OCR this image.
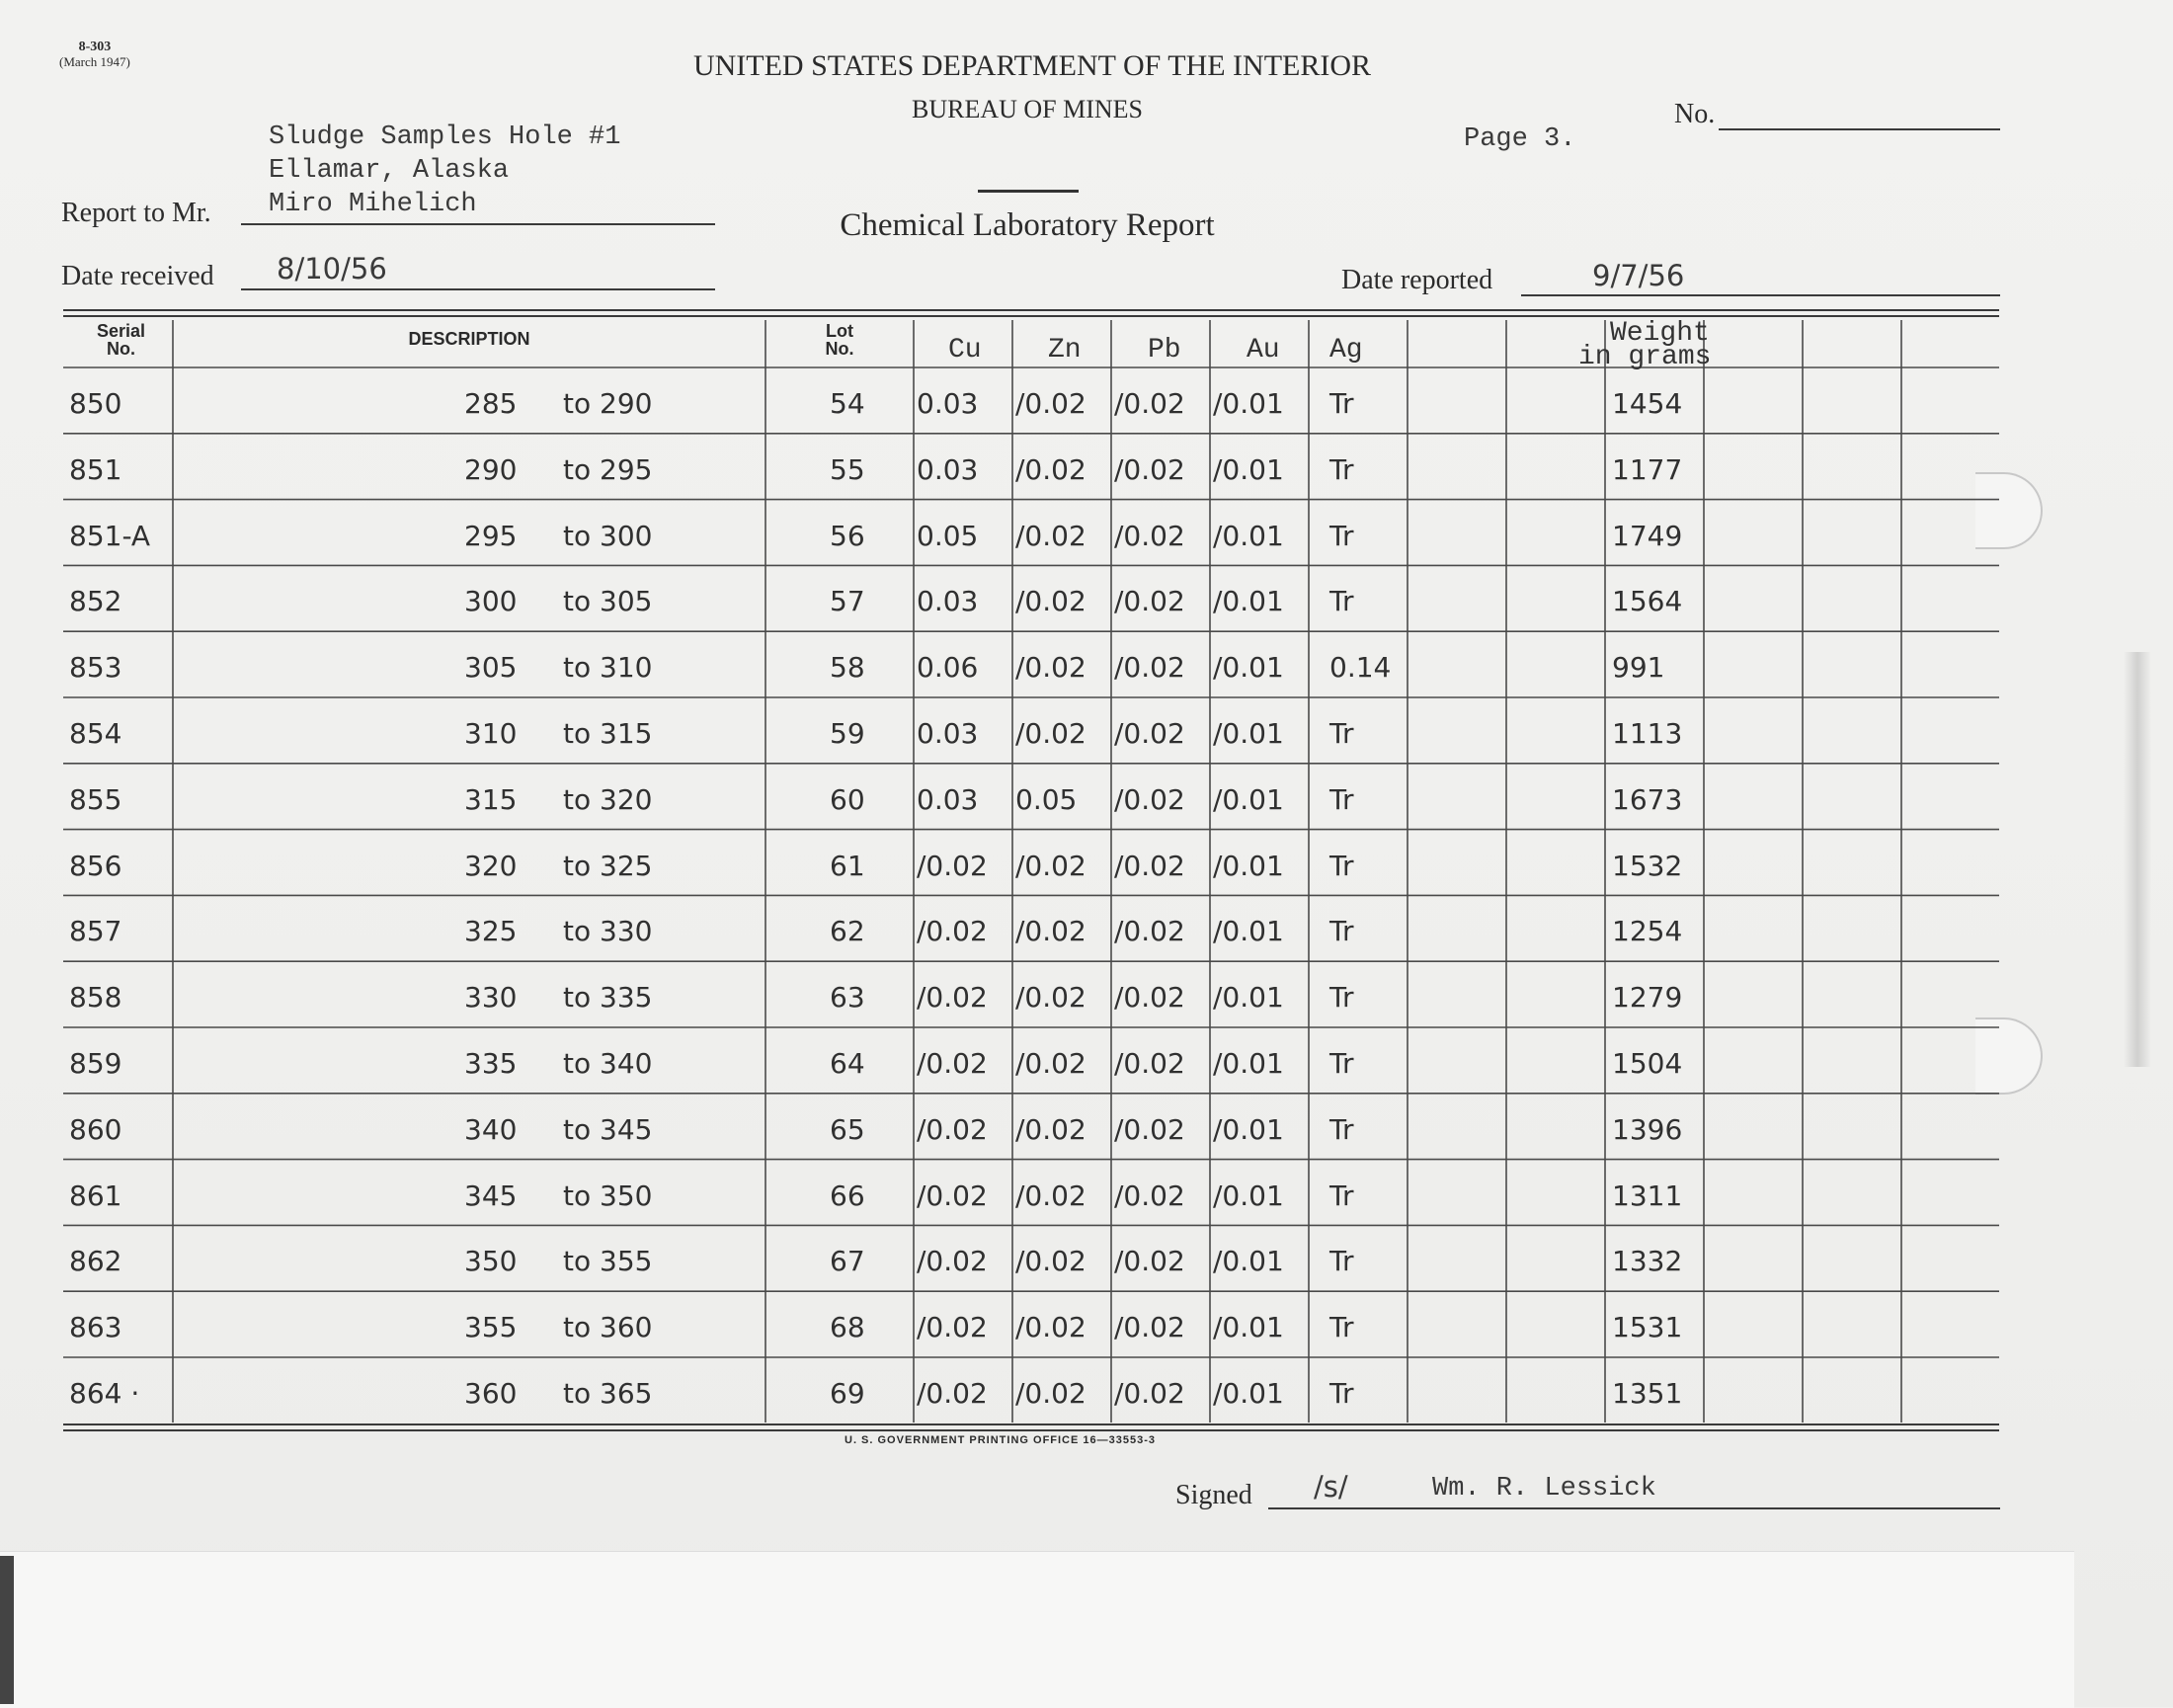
8-303
(March 1947)	UNITED STATES DEPARTMENT OF THE INTERIOR
BUREAU OF MINES
Chemical Laboratory Report
No.
Page 3.
Sludge Samples Hole #1
Ellamar, Alaska
Report to Mr. Miro Mihelich
Date received 8/10/56	Date reported	9/7/56
Serial
No.	DESCRIPTION	Lot
No.	Cu Zn Pb Au Ag
Weight
in grams
850	285 to 290	54 0.03 /0.02 /0.02 /0.01 Tr	1454
851	290 to 295	55 0.03 /0.02 /0.02 /0.01 Tr	1177
851-A	295 to 300	56 0.05 /0.02 /0.02 /0.01 Tr	1749
852	300 to 305	57 0.03 /0.02 /0.02 /0.01 Tr	1564
853	305 to 310	58 0.06 /0.02 /0.02 /0.01 0.14	991
854	310 to 315	59 0.03 /0.02 /0.02 /0.01 Tr	1113
855	315 to 320	60 0.03 0.05 /0.02 /0.01 Tr	1673
856	320 to 325	61 /0.02 /0.02 /0.02 /0.01 Tr	1532
857	325 to 330	62 /0.02 /0.02 /0.02 /0.01 Tr	1254
858	330 to 335	63 /0.02 /0.02 /0.02 /0.01 Tr	1279
859	335 to 340	64 /0.02 /0.02 /0.02 /0.01 Tr	1504
860	340 to 345	65 /0.02 /0.02 /0.02 /0.01 Tr	1396
861	345 to 350	66 /0.02 /0.02 /0.02 /0.01 Tr	1311
862	350 to 355	67 /0.02 /0.02 /0.02 /0.01 Tr	1332
863	355 to 360	68 /0.02 /0.02 /0.02 /0.01 Tr	1531
864 ·	360 to 365	69 /0.02 /0.02 /0.02 /0.01 Tr	1351
U. S. GOVERNMENT PRINTING OFFICE 16—33553-3
Signed /s/	Wm. R. Lessick
